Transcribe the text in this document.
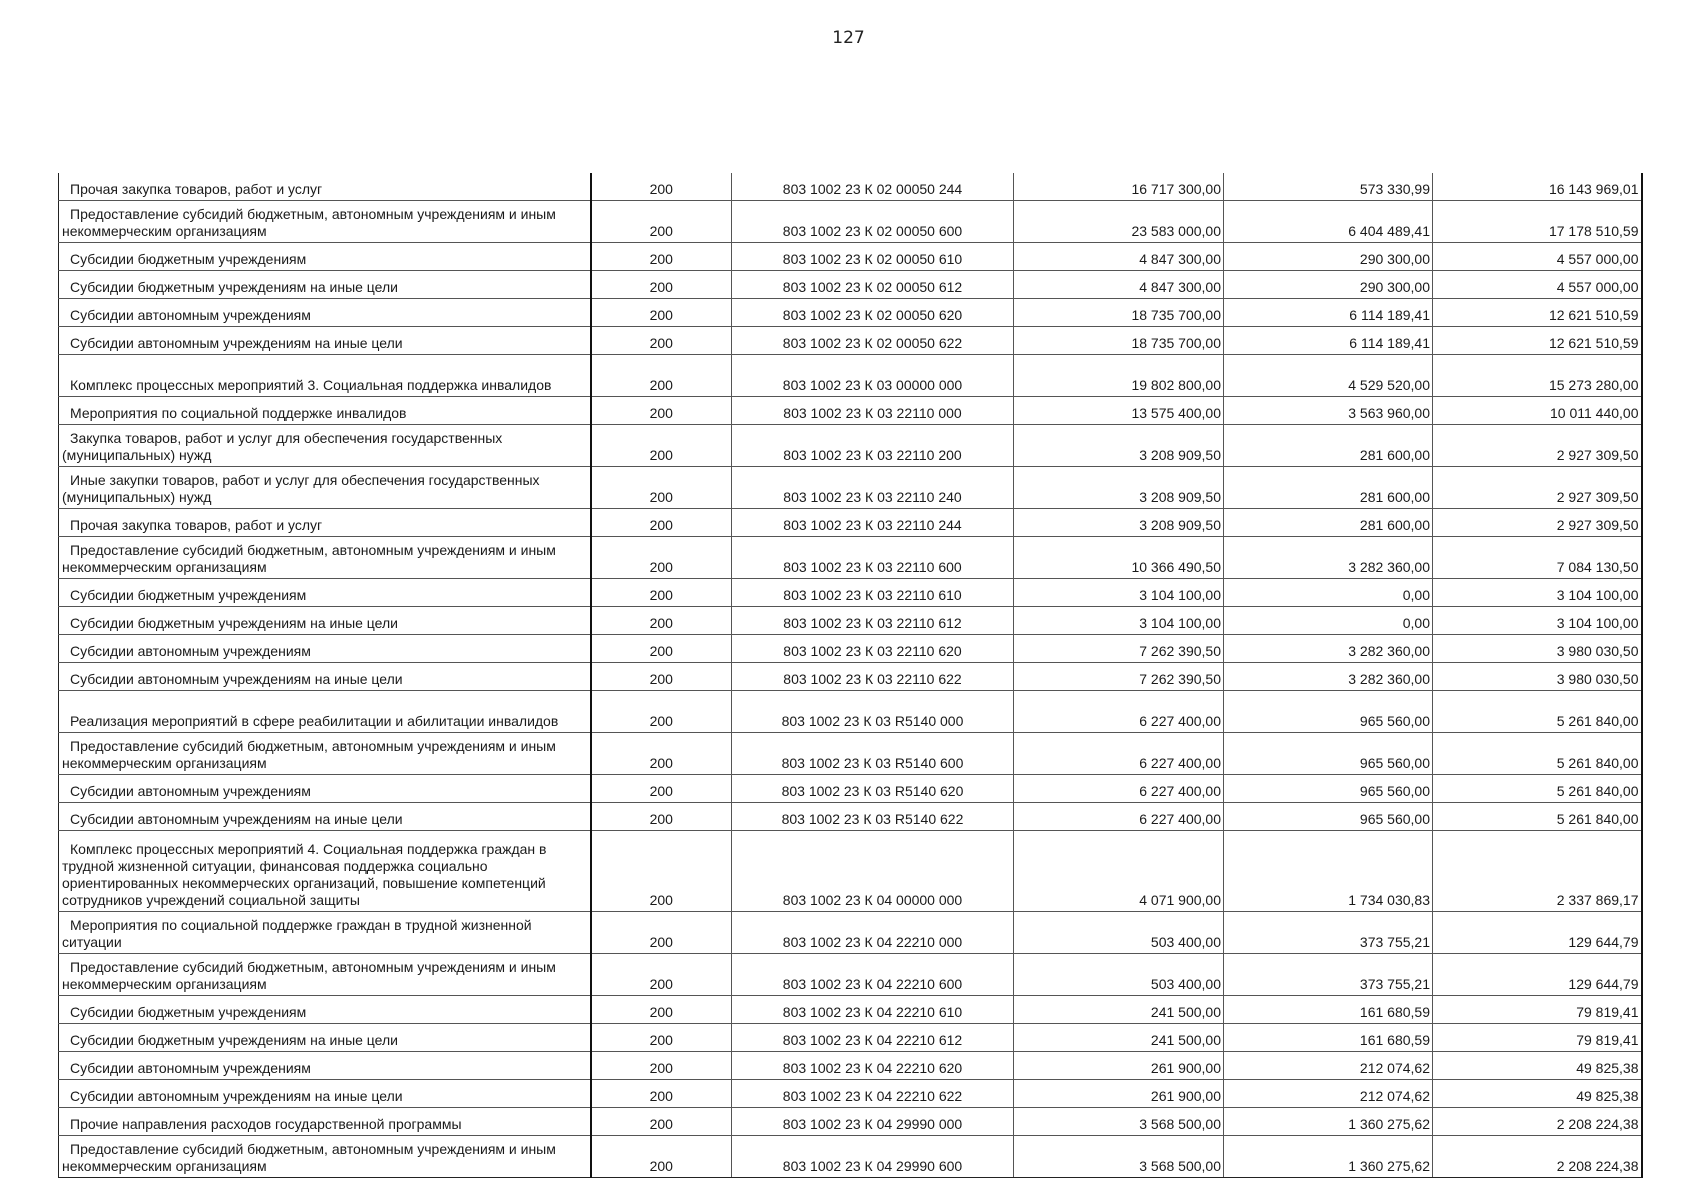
127
Прочая закупка товаров, работ и услуг	200	803 1002 23 К 02 00050 244	16 717 300,00	573 330,99	16 143 969,01
Предоставление субсидий бюджетным, автономным учреждениям и иным некоммерческим организациям	200	803 1002 23 К 02 00050 600	23 583 000,00	6 404 489,41	17 178 510,59
Субсидии бюджетным учреждениям	200	803 1002 23 К 02 00050 610	4 847 300,00	290 300,00	4 557 000,00
Субсидии бюджетным учреждениям на иные цели	200	803 1002 23 К 02 00050 612	4 847 300,00	290 300,00	4 557 000,00
Субсидии автономным учреждениям	200	803 1002 23 К 02 00050 620	18 735 700,00	6 114 189,41	12 621 510,59
Субсидии автономным учреждениям на иные цели	200	803 1002 23 К 02 00050 622	18 735 700,00	6 114 189,41	12 621 510,59
Комплекс процессных мероприятий 3. Социальная поддержка инвалидов	200	803 1002 23 К 03 00000 000	19 802 800,00	4 529 520,00	15 273 280,00
Мероприятия по социальной поддержке инвалидов	200	803 1002 23 К 03 22110 000	13 575 400,00	3 563 960,00	10 011 440,00
Закупка товаров, работ и услуг для обеспечения государственных (муниципальных) нужд	200	803 1002 23 К 03 22110 200	3 208 909,50	281 600,00	2 927 309,50
Иные закупки товаров, работ и услуг для обеспечения государственных (муниципальных) нужд	200	803 1002 23 К 03 22110 240	3 208 909,50	281 600,00	2 927 309,50
Прочая закупка товаров, работ и услуг	200	803 1002 23 К 03 22110 244	3 208 909,50	281 600,00	2 927 309,50
Предоставление субсидий бюджетным, автономным учреждениям и иным некоммерческим организациям	200	803 1002 23 К 03 22110 600	10 366 490,50	3 282 360,00	7 084 130,50
Субсидии бюджетным учреждениям	200	803 1002 23 К 03 22110 610	3 104 100,00	0,00	3 104 100,00
Субсидии бюджетным учреждениям на иные цели	200	803 1002 23 К 03 22110 612	3 104 100,00	0,00	3 104 100,00
Субсидии автономным учреждениям	200	803 1002 23 К 03 22110 620	7 262 390,50	3 282 360,00	3 980 030,50
Субсидии автономным учреждениям на иные цели	200	803 1002 23 К 03 22110 622	7 262 390,50	3 282 360,00	3 980 030,50
Реализация мероприятий в сфере реабилитации и абилитации инвалидов	200	803 1002 23 К 03 R5140 000	6 227 400,00	965 560,00	5 261 840,00
Предоставление субсидий бюджетным, автономным учреждениям и иным некоммерческим организациям	200	803 1002 23 К 03 R5140 600	6 227 400,00	965 560,00	5 261 840,00
Субсидии автономным учреждениям	200	803 1002 23 К 03 R5140 620	6 227 400,00	965 560,00	5 261 840,00
Субсидии автономным учреждениям на иные цели	200	803 1002 23 К 03 R5140 622	6 227 400,00	965 560,00	5 261 840,00
Комплекс процессных мероприятий 4. Социальная поддержка граждан в трудной жизненной ситуации, финансовая поддержка социально ориентированных некоммерческих организаций, повышение компетенций сотрудников учреждений социальной защиты	200	803 1002 23 К 04 00000 000	4 071 900,00	1 734 030,83	2 337 869,17
Мероприятия по социальной поддержке граждан в трудной жизненной ситуации	200	803 1002 23 К 04 22210 000	503 400,00	373 755,21	129 644,79
Предоставление субсидий бюджетным, автономным учреждениям и иным некоммерческим организациям	200	803 1002 23 К 04 22210 600	503 400,00	373 755,21	129 644,79
Субсидии бюджетным учреждениям	200	803 1002 23 К 04 22210 610	241 500,00	161 680,59	79 819,41
Субсидии бюджетным учреждениям на иные цели	200	803 1002 23 К 04 22210 612	241 500,00	161 680,59	79 819,41
Субсидии автономным учреждениям	200	803 1002 23 К 04 22210 620	261 900,00	212 074,62	49 825,38
Субсидии автономным учреждениям на иные цели	200	803 1002 23 К 04 22210 622	261 900,00	212 074,62	49 825,38
Прочие направления расходов государственной программы	200	803 1002 23 К 04 29990 000	3 568 500,00	1 360 275,62	2 208 224,38
Предоставление субсидий бюджетным, автономным учреждениям и иным некоммерческим организациям	200	803 1002 23 К 04 29990 600	3 568 500,00	1 360 275,62	2 208 224,38
